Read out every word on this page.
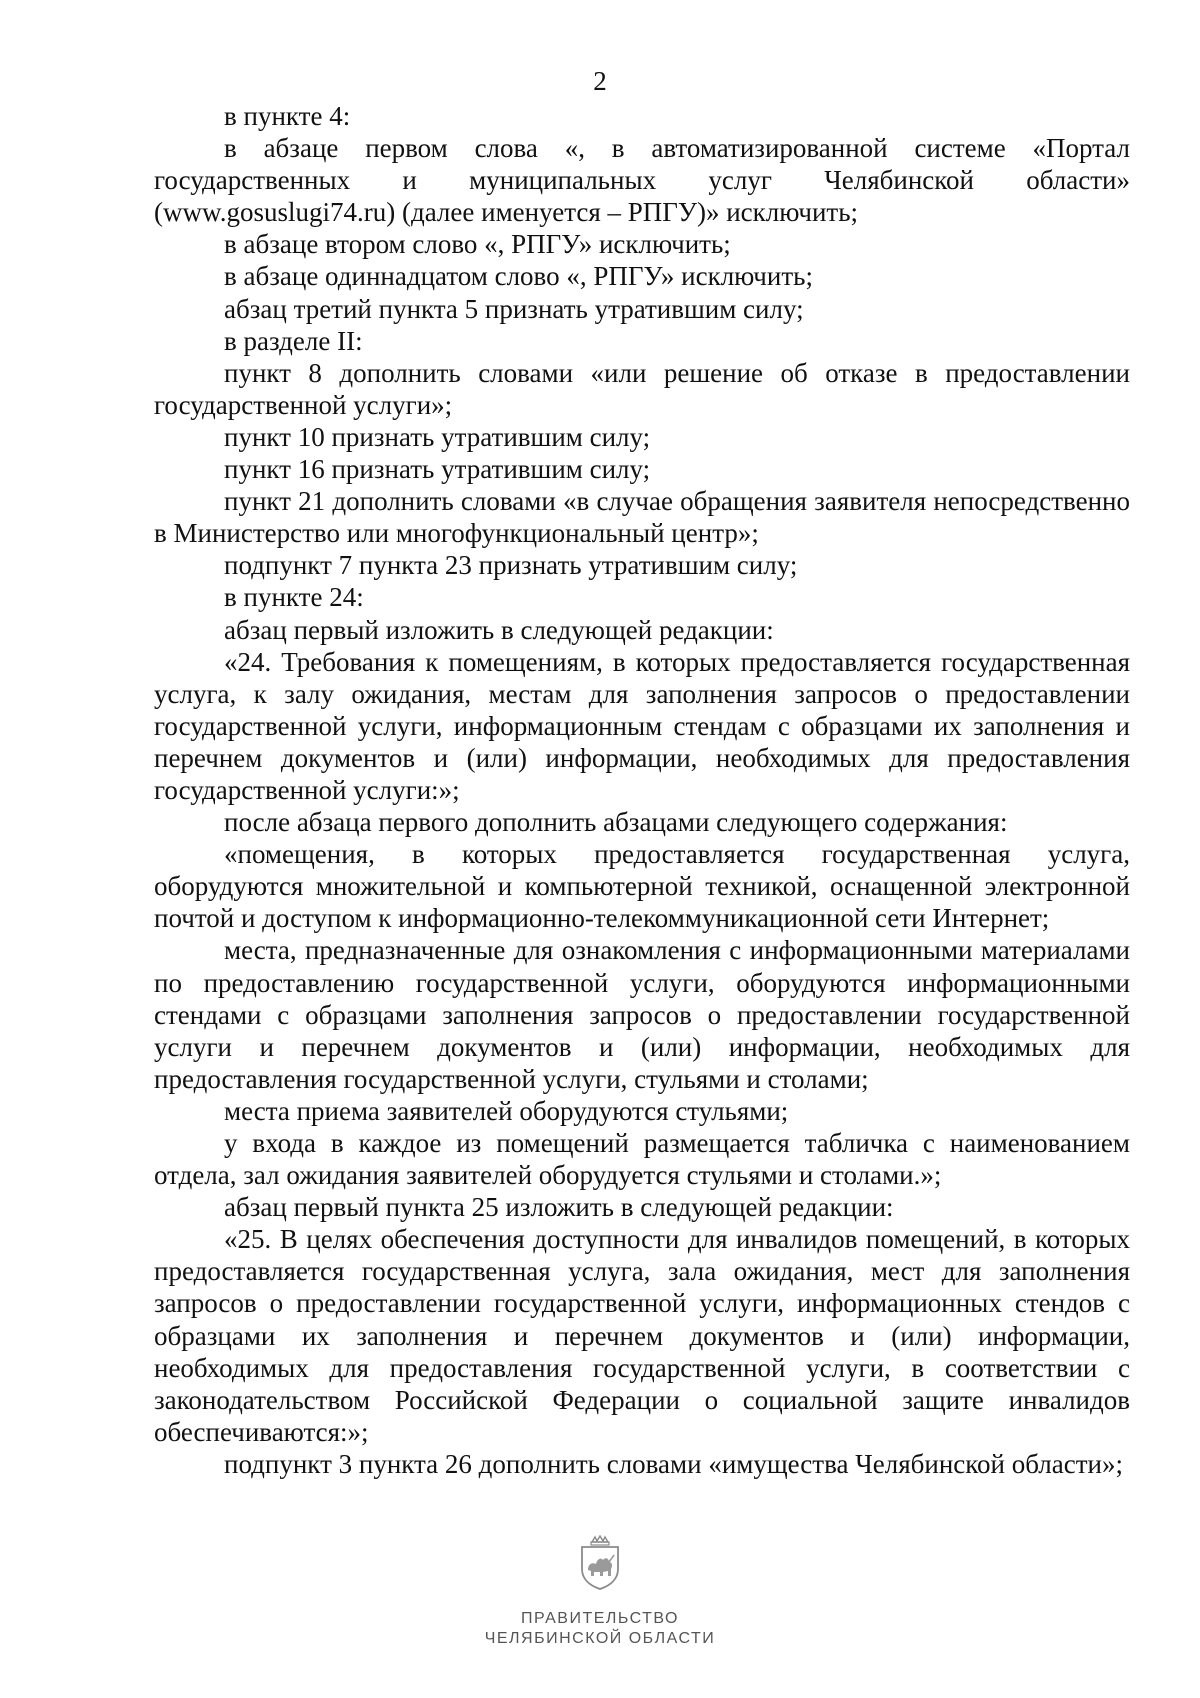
2

в пункте 4:

в абзаце первом слова «, в автоматизированной системе «Портал государственных и муниципальных услуг Челябинской области» (www.gosuslugi74.ru) (далее именуется – РПГУ)» исключить;

в абзаце втором слово «, РПГУ» исключить;

в абзаце одиннадцатом слово «, РПГУ» исключить;

абзац третий пункта 5 признать утратившим силу;

в разделе II:

пункт 8 дополнить словами «или решение об отказе в предоставлении государственной услуги»;

пункт 10 признать утратившим силу;

пункт 16 признать утратившим силу;

пункт 21 дополнить словами «в случае обращения заявителя непосредственно в Министерство или многофункциональный центр»;

подпункт 7 пункта 23 признать утратившим силу;

в пункте 24:

абзац первый изложить в следующей редакции:

«24. Требования к помещениям, в которых предоставляется государственная услуга, к залу ожидания, местам для заполнения запросов о предоставлении государственной услуги, информационным стендам с образцами их заполнения и перечнем документов и (или) информации, необходимых для предоставления государственной услуги:»;

после абзаца первого дополнить абзацами следующего содержания:

«помещения, в которых предоставляется государственная услуга, оборудуются множительной и компьютерной техникой, оснащенной электронной почтой и доступом к информационно-телекоммуникационной сети Интернет;

места, предназначенные для ознакомления с информационными материалами по предоставлению государственной услуги, оборудуются информационными стендами с образцами заполнения запросов о предоставлении государственной услуги и перечнем документов и (или) информации, необходимых для предоставления государственной услуги, стульями и столами;

места приема заявителей оборудуются стульями;

у входа в каждое из помещений размещается табличка с наименованием отдела, зал ожидания заявителей оборудуется стульями и столами.»;

абзац первый пункта 25 изложить в следующей редакции:

«25. В целях обеспечения доступности для инвалидов помещений, в которых предоставляется государственная услуга, зала ожидания, мест для заполнения запросов о предоставлении государственной услуги, информационных стендов с образцами их заполнения и перечнем документов и (или) информации, необходимых для предоставления государственной услуги, в соответствии с законодательством Российской Федерации о социальной защите инвалидов обеспечиваются:»;

подпункт 3 пункта 26 дополнить словами «имущества Челябинской области»;

ПРАВИТЕЛЬСТВО
ЧЕЛЯБИНСКОЙ ОБЛАСТИ
